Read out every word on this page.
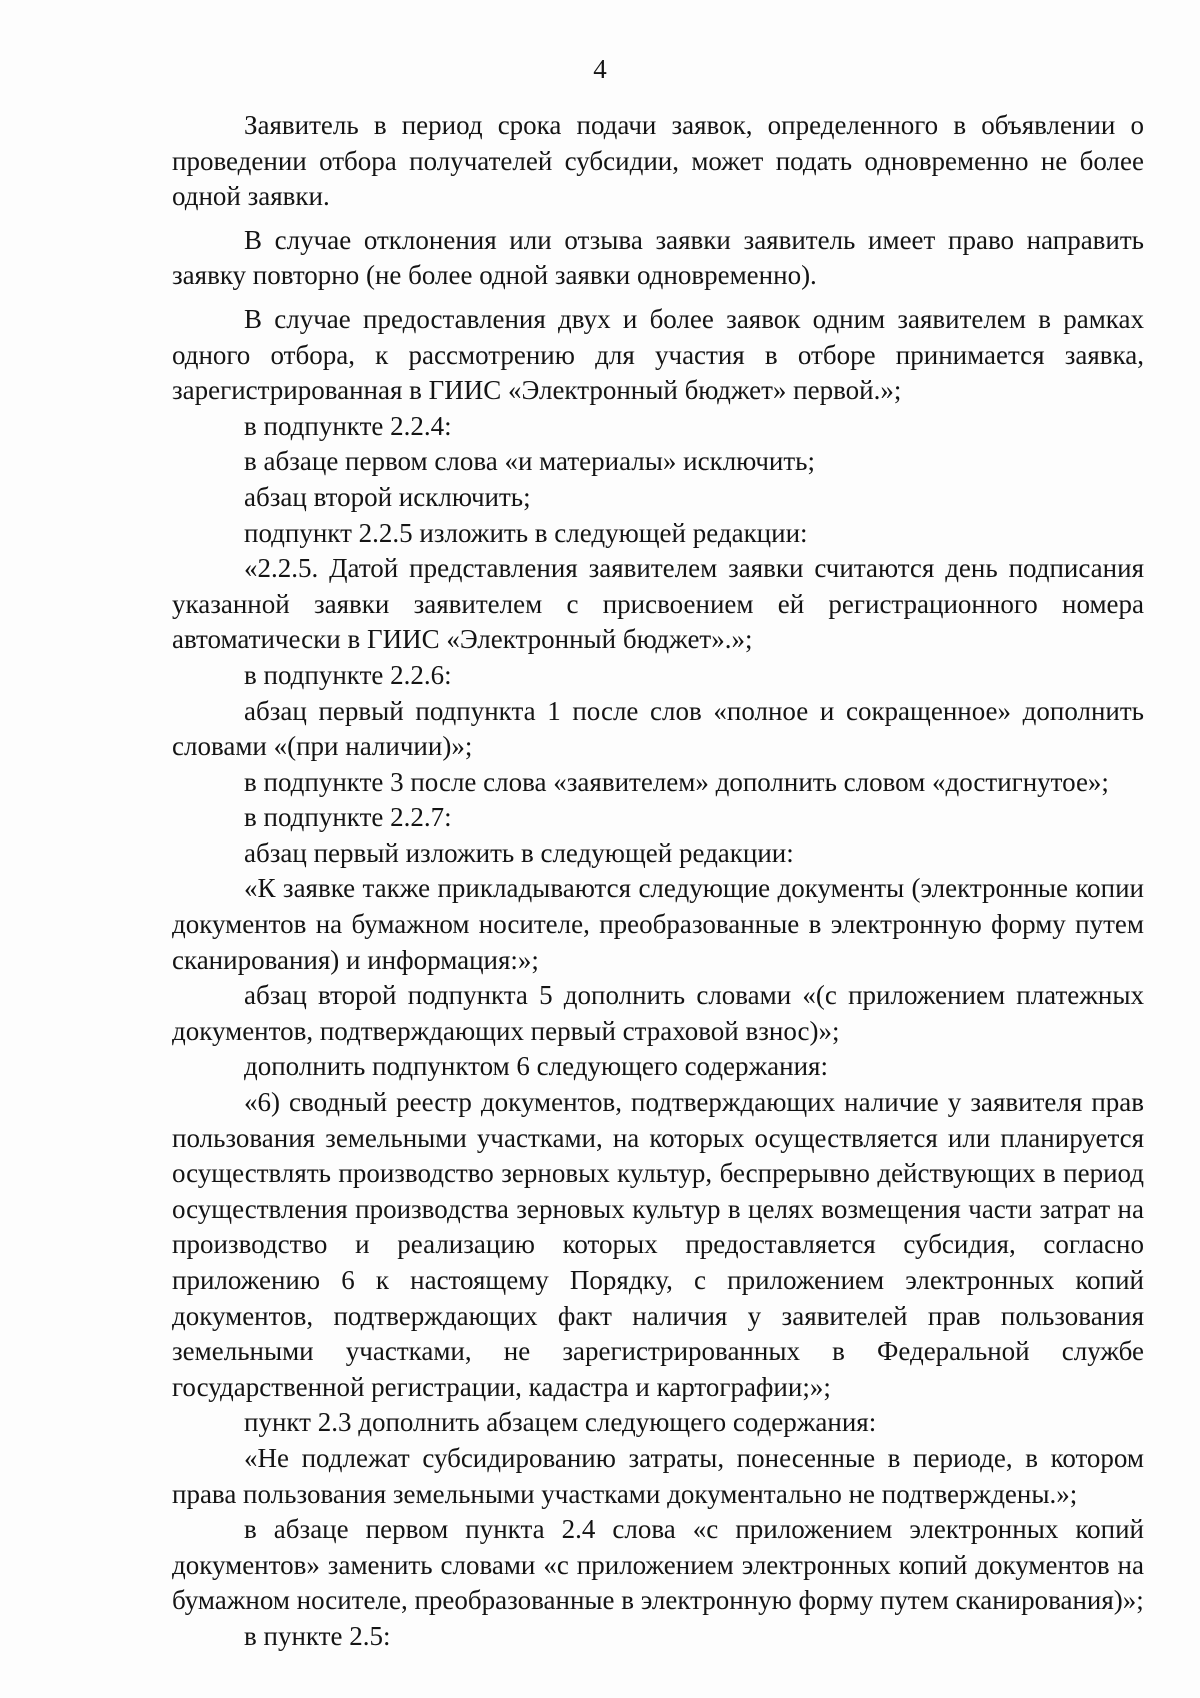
4

Заявитель в период срока подачи заявок, определенного в объявлении о проведении отбора получателей субсидии, может подать одновременно не более одной заявки.

В случае отклонения или отзыва заявки заявитель имеет право направить заявку повторно (не более одной заявки одновременно).

В случае предоставления двух и более заявок одним заявителем в рамках одного отбора, к рассмотрению для участия в отборе принимается заявка, зарегистрированная в ГИИС «Электронный бюджет» первой.»;

в подпункте 2.2.4:

в абзаце первом слова «и материалы» исключить;

абзац второй исключить;

подпункт 2.2.5 изложить в следующей редакции:

«2.2.5. Датой представления заявителем заявки считаются день подписания указанной заявки заявителем с присвоением ей регистрационного номера автоматически в ГИИС «Электронный бюджет».»;

в подпункте 2.2.6:

абзац первый подпункта 1 после слов «полное и сокращенное» дополнить словами «(при наличии)»;

в подпункте 3 после слова «заявителем» дополнить словом «достигнутое»;

в подпункте 2.2.7:

абзац первый изложить в следующей редакции:

«К заявке также прикладываются следующие документы (электронные копии документов на бумажном носителе, преобразованные в электронную форму путем сканирования) и информация:»;

абзац второй подпункта 5 дополнить словами «(с приложением платежных документов, подтверждающих первый страховой взнос)»;

дополнить подпунктом 6 следующего содержания:

«6) сводный реестр документов, подтверждающих наличие у заявителя прав пользования земельными участками, на которых осуществляется или планируется осуществлять производство зерновых культур, беспрерывно действующих в период осуществления производства зерновых культур в целях возмещения части затрат на производство и реализацию которых предоставляется субсидия, согласно приложению 6 к настоящему Порядку, с приложением электронных копий документов, подтверждающих факт наличия у заявителей прав пользования земельными участками, не зарегистрированных в Федеральной службе государственной регистрации, кадастра и картографии;»;

пункт 2.3 дополнить абзацем следующего содержания:

«Не подлежат субсидированию затраты, понесенные в периоде, в котором права пользования земельными участками документально не подтверждены.»;

в абзаце первом пункта 2.4 слова «с приложением электронных копий документов» заменить словами «с приложением электронных копий документов на бумажном носителе, преобразованные в электронную форму путем сканирования)»;

в пункте 2.5:
